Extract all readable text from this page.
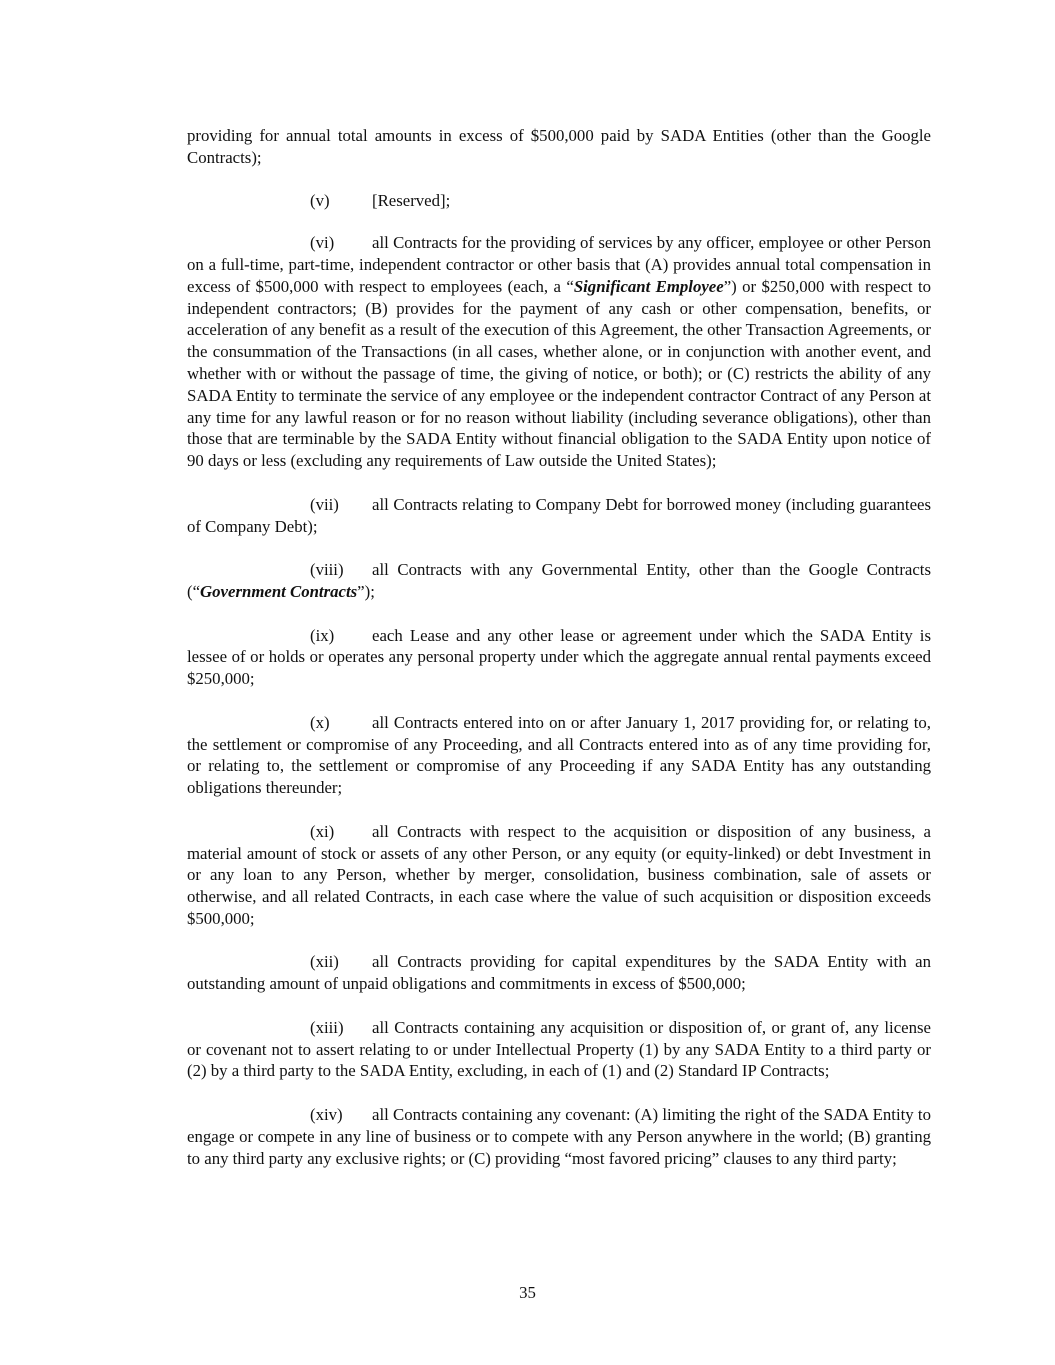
providing for annual total amounts in excess of $500,000 paid by SADA Entities (other than the Google Contracts);

(v)	[Reserved];

(vi) all Contracts for the providing of services by any officer, employee or other Person on a full-time, part-time, independent contractor or other basis that (A) provides annual total compensation in excess of $500,000 with respect to employees (each, a “Significant Employee”) or $250,000 with respect to independent contractors; (B) provides for the payment of any cash or other compensation, benefits, or acceleration of any benefit as a result of the execution of this Agreement, the other Transaction Agreements, or the consummation of the Transactions (in all cases, whether alone, or in conjunction with another event, and whether with or without the passage of time, the giving of notice, or both); or (C) restricts the ability of any SADA Entity to terminate the service of any employee or the independent contractor Contract of any Person at any time for any lawful reason or for no reason without liability (including severance obligations), other than those that are terminable by the SADA Entity without financial obligation to the SADA Entity upon notice of 90 days or less (excluding any requirements of Law outside the United States);

(vii) all Contracts relating to Company Debt for borrowed money (including guarantees of Company Debt);

(viii) all Contracts with any Governmental Entity, other than the Google Contracts (“Government Contracts”);

(ix) each Lease and any other lease or agreement under which the SADA Entity is lessee of or holds or operates any personal property under which the aggregate annual rental payments exceed $250,000;

(x)	all Contracts entered into on or after January 1, 2017 providing for, or relating to, the settlement or compromise of any Proceeding, and all Contracts entered into as of any time providing for, or relating to, the settlement or compromise of any Proceeding if any SADA Entity has any outstanding obligations thereunder;

(xi) all Contracts with respect to the acquisition or disposition of any business, a material amount of stock or assets of any other Person, or any equity (or equity-linked) or debt Investment in or any loan to any Person, whether by merger, consolidation, business combination, sale of assets or otherwise, and all related Contracts, in each case where the value of such acquisition or disposition exceeds $500,000;

(xii) all Contracts providing for capital expenditures by the SADA Entity with an outstanding amount of unpaid obligations and commitments in excess of $500,000;

(xiii) all Contracts containing any acquisition or disposition of, or grant of, any license or covenant not to assert relating to or under Intellectual Property (1) by any SADA Entity to a third party or (2) by a third party to the SADA Entity, excluding, in each of (1) and (2) Standard IP Contracts;

(xiv) all Contracts containing any covenant: (A) limiting the right of the SADA Entity to engage or compete in any line of business or to compete with any Person anywhere in the world; (B) granting to any third party any exclusive rights; or (C) providing “most favored pricing” clauses to any third party;

35
